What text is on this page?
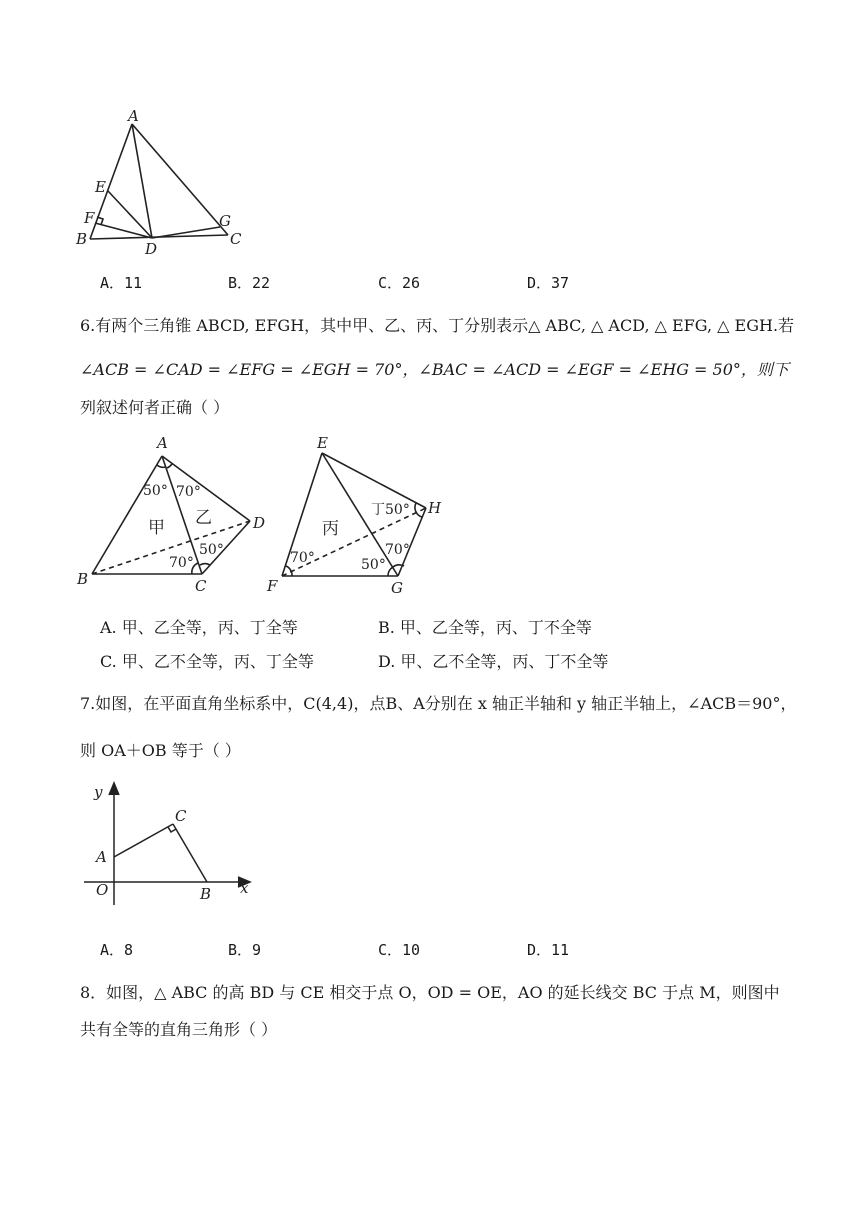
A
E
F
B
D
G
C
A．11	B．22	C．26	D．37
6.有两个三角锥 ABCD, EFGH，其中甲、乙、丙、丁分别表示△ ABC, △ ACD, △ EFG, △ EGH.若
∠ACB = ∠CAD = ∠EFG = ∠EGH = 70°，∠BAC = ∠ACD = ∠EGF = ∠EHG = 50°，则下
列叙述何者正确（ ）
A
B	C
D
50° 70°
70°
50°
甲 乙
E
F	G
H
70°	50°
70°
丁50°
丙
A. 甲、乙全等，丙、丁全等	B. 甲、乙全等，丙、丁不全等
C. 甲、乙不全等，丙、丁全等	D. 甲、乙不全等，丙、丁不全等
7.如图，在平面直角坐标系中，C(4,4)，点B、A分别在 x 轴正半轴和 y 轴正半轴上，∠ACB＝90°，
则 OA＋OB 等于（ ）
y
x
A
C
O	B
A．8	B．9	C．10	D．11
8．如图，△ ABC 的高 BD 与 CE 相交于点 O，OD = OE，AO 的延长线交 BC 于点 M，则图中
共有全等的直角三角形（ ）
